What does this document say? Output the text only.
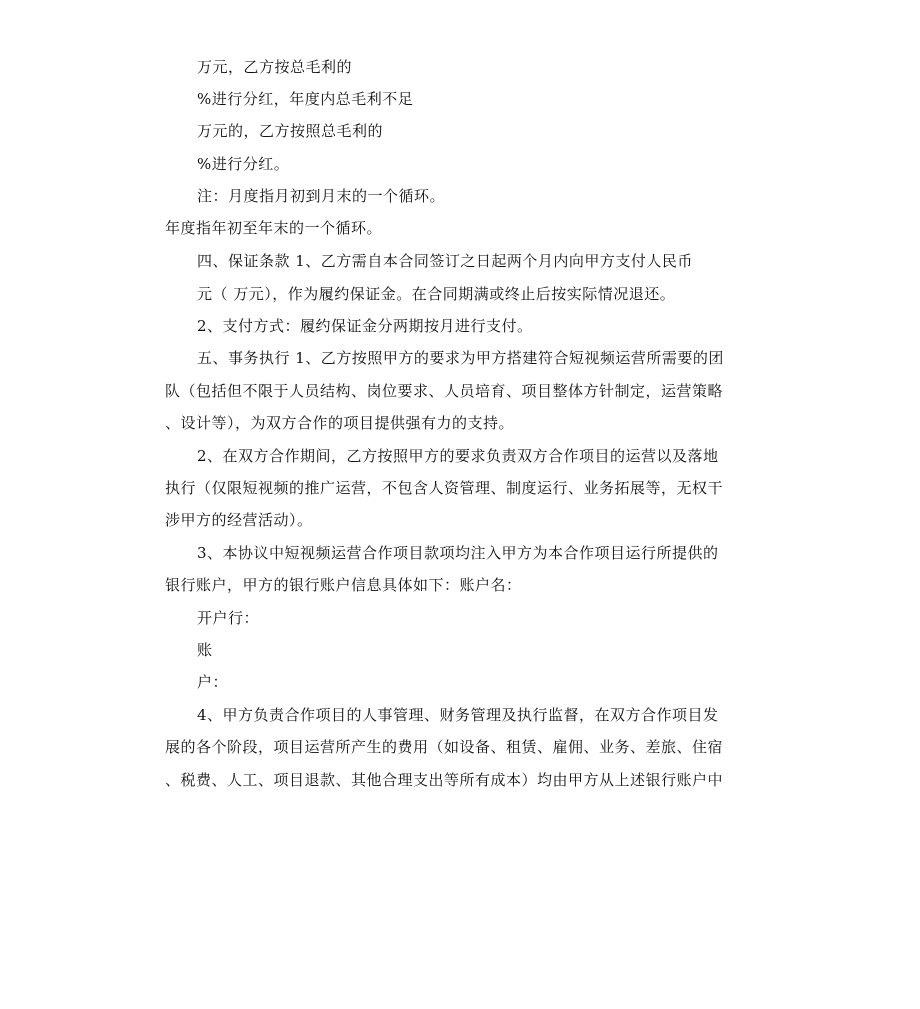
万元，乙方按总毛利的
%进行分红，年度内总毛利不足
万元的，乙方按照总毛利的
%进行分红。
注：月度指月初到月末的一个循环。
年度指年初至年末的一个循环。
四、保证条款 1、乙方需自本合同签订之日起两个月内向甲方支付人民币
元（ 万元），作为履约保证金。在合同期满或终止后按实际情况退还。
2、支付方式：履约保证金分两期按月进行支付。
五、事务执行 1、乙方按照甲方的要求为甲方搭建符合短视频运营所需要的团
队（包括但不限于人员结构、岗位要求、人员培育、项目整体方针制定，运营策略
、设计等），为双方合作的项目提供强有力的支持。
2、在双方合作期间，乙方按照甲方的要求负责双方合作项目的运营以及落地
执行（仅限短视频的推广运营，不包含人资管理、制度运行、业务拓展等，无权干
涉甲方的经营活动）。
3、本协议中短视频运营合作项目款项均注入甲方为本合作项目运行所提供的
银行账户，甲方的银行账户信息具体如下：账户名：
开户行：
账
户：
4、甲方负责合作项目的人事管理、财务管理及执行监督，在双方合作项目发
展的各个阶段，项目运营所产生的费用（如设备、租赁、雇佣、业务、差旅、住宿
、税费、人工、项目退款、其他合理支出等所有成本）均由甲方从上述银行账户中
